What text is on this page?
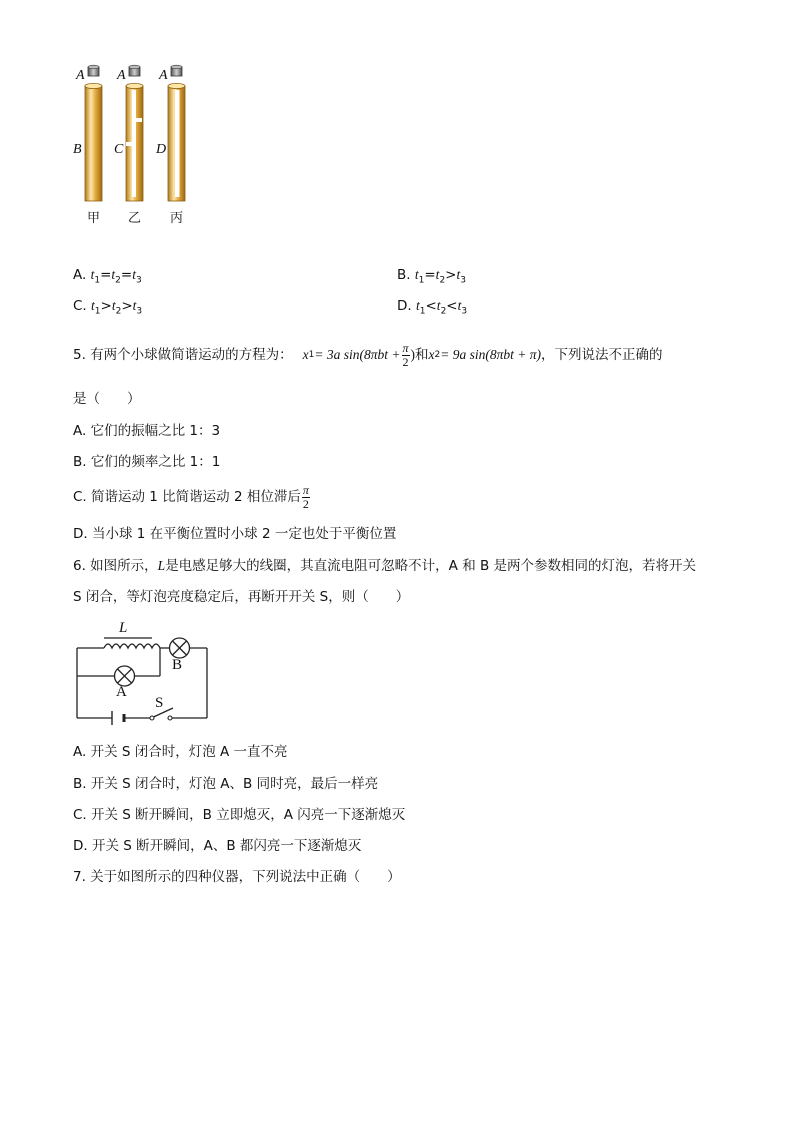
A A A
B C D
甲 乙 丙
A. $t_1=t_2=t_3$	B. $t_1=t_2>t_3$
C. $t_1>t_2>t_3$	D. $t_1<t_2<t_3$
5. 有两个小球做简谐运动的方程为： x 1 = 3a $\sin(8\pi bt + \frac{\pi}{2}$ ) 和 x 2 = 9a sin(8πbt + π) ，下列说法不正确的
是（　　）
A. 它们的振幅之比 1：3
B. 它们的频率之比 1：1
C. 简谐运动 1 比简谐运动 2 相位滞后 $\frac{\pi}{2}$
D. 当小球 1 在平衡位置时小球 2 一定也处于平衡位置
6. 如图所示，L是电感足够大的线圈，其直流电阻可忽略不计，A 和 B 是两个参数相同的灯泡，若将开关
S 闭合，等灯泡亮度稳定后，再断开开关 S，则（　　）
L
B
A
S
A. 开关 S 闭合时，灯泡 A 一直不亮
B. 开关 S 闭合时，灯泡 A、B 同时亮，最后一样亮
C. 开关 S 断开瞬间，B 立即熄灭，A 闪亮一下逐渐熄灭
D. 开关 S 断开瞬间，A、B 都闪亮一下逐渐熄灭
7. 关于如图所示的四种仪器，下列说法中正确（　　）
